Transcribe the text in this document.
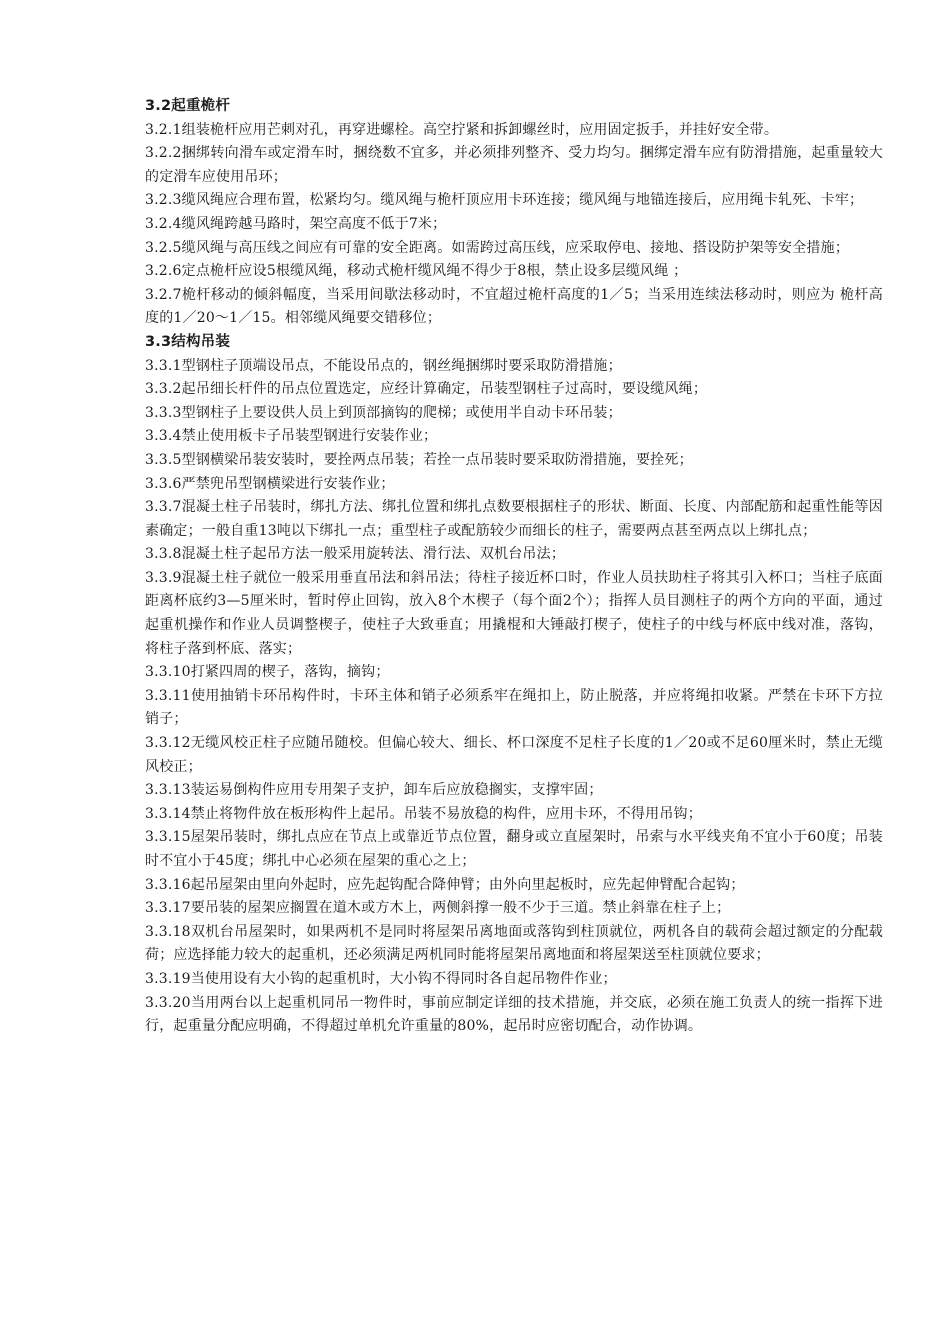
3.2起重桅杆

3.2.1组装桅杆应用芒刺对孔，再穿进螺栓。高空拧紧和拆卸螺丝时，应用固定扳手，并挂好安全带。

3.2.2捆绑转向滑车或定滑车时，捆绕数不宜多，并必须排列整齐、受力均匀。捆绑定滑车应有防滑措施，起重量较大的定滑车应使用吊环；

3.2.3缆风绳应合理布置，松紧均匀。缆风绳与桅杆顶应用卡环连接；缆风绳与地锚连接后，应用绳卡轧死、卡牢；

3.2.4缆风绳跨越马路时，架空高度不低于7米；

3.2.5缆风绳与高压线之间应有可靠的安全距离。如需跨过高压线，应采取停电、接地、搭设防护架等安全措施；

3.2.6定点桅杆应设5根缆风绳，移动式桅杆缆风绳不得少于8根，禁止设多层缆风绳 ；

3.2.7桅杆移动的倾斜幅度，当采用间歇法移动时，不宜超过桅杆高度的1／5；当采用连续法移动时，则应为 桅杆高度的1／20～1／15。相邻缆风绳要交错移位；

3.3结构吊装

3.3.1型钢柱子顶端设吊点，不能设吊点的，钢丝绳捆绑时要采取防滑措施；

3.3.2起吊细长杆件的吊点位置选定，应经计算确定，吊装型钢柱子过高时，要设缆风绳；

3.3.3型钢柱子上要设供人员上到顶部摘钩的爬梯；或使用半自动卡环吊装；

3.3.4禁止使用板卡子吊装型钢进行安装作业；

3.3.5型钢横梁吊装安装时，要拴两点吊装；若拴一点吊装时要采取防滑措施，要拴死；

3.3.6严禁兜吊型钢横梁进行安装作业；

3.3.7混凝土柱子吊装时，绑扎方法、绑扎位置和绑扎点数要根据柱子的形状、断面、长度、内部配筋和起重性能等因素确定；一般自重13吨以下绑扎一点；重型柱子或配筋较少而细长的柱子，需要两点甚至两点以上绑扎点；

3.3.8混凝土柱子起吊方法一般采用旋转法、滑行法、双机台吊法；

3.3.9混凝土柱子就位一般采用垂直吊法和斜吊法；待柱子接近杯口时，作业人员扶助柱子将其引入杯口；当柱子底面距离杯底约3—5厘米时，暂时停止回钩，放入8个木楔子（每个面2个）；指挥人员目测柱子的两个方向的平面，通过起重机操作和作业人员调整楔子，使柱子大致垂直；用撬棍和大锤敲打楔子，使柱子的中线与杯底中线对准，落钩，将柱子落到杯底、落实；

3.3.10打紧四周的楔子，落钩，摘钩；

3.3.11使用抽销卡环吊构件时，卡环主体和销子必须系牢在绳扣上，防止脱落，并应将绳扣收紧。严禁在卡环下方拉销子；

3.3.12无缆风校正柱子应随吊随校。但偏心较大、细长、杯口深度不足柱子长度的1／20或不足60厘米时，禁止无缆风校正；

3.3.13装运易倒构件应用专用架子支护，卸车后应放稳搁实，支撑牢固；

3.3.14禁止将物件放在板形构件上起吊。吊装不易放稳的构件，应用卡环，不得用吊钩；

3.3.15屋架吊装时，绑扎点应在节点上或靠近节点位置，翻身或立直屋架时，吊索与水平线夹角不宜小于60度；吊装时不宜小于45度；绑扎中心必须在屋架的重心之上；

3.3.16起吊屋架由里向外起时，应先起钩配合降伸臂；由外向里起板时，应先起伸臂配合起钩；

3.3.17要吊装的屋架应搁置在道木或方木上，两侧斜撑一般不少于三道。禁止斜靠在柱子上；

3.3.18双机台吊屋架时，如果两机不是同时将屋架吊离地面或落钩到柱顶就位，两机各自的载荷会超过额定的分配载荷；应选择能力较大的起重机，还必须满足两机同时能将屋架吊离地面和将屋架送至柱顶就位要求；

3.3.19当使用设有大小钩的起重机时，大小钩不得同时各自起吊物件作业；

3.3.20当用两台以上起重机同吊一物件时，事前应制定详细的技术措施，并交底，必须在施工负责人的统一指挥下进行，起重量分配应明确，不得超过单机允许重量的80%，起吊时应密切配合，动作协调。
